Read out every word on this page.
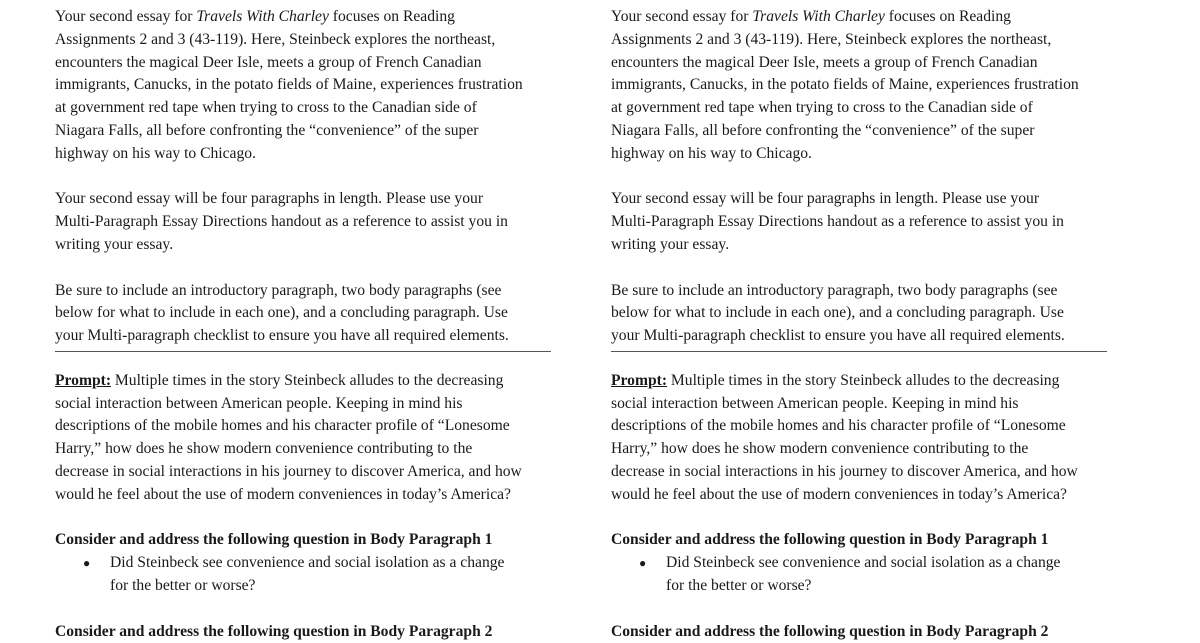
Your second essay for Travels With Charley focuses on Reading
Assignments 2 and 3 (43-119). Here, Steinbeck explores the northeast,
encounters the magical Deer Isle, meets a group of French Canadian
immigrants, Canucks, in the potato fields of Maine, experiences frustration
at government red tape when trying to cross to the Canadian side of
Niagara Falls, all before confronting the “convenience” of the super
highway on his way to Chicago.

Your second essay will be four paragraphs in length. Please use your
Multi-Paragraph Essay Directions handout as a reference to assist you in
writing your essay.

Be sure to include an introductory paragraph, two body paragraphs (see
below for what to include in each one), and a concluding paragraph. Use
your Multi-paragraph checklist to ensure you have all required elements.

Prompt: Multiple times in the story Steinbeck alludes to the decreasing
social interaction between American people. Keeping in mind his
descriptions of the mobile homes and his character profile of “Lonesome
Harry,” how does he show modern convenience contributing to the
decrease in social interactions in his journey to discover America, and how
would he feel about the use of modern conveniences in today’s America?

Consider and address the following question in Body Paragraph 1

● Did Steinbeck see convenience and social isolation as a change
for the better or worse?

Consider and address the following question in Body Paragraph 2

Your second essay for Travels With Charley focuses on Reading
Assignments 2 and 3 (43-119). Here, Steinbeck explores the northeast,
encounters the magical Deer Isle, meets a group of French Canadian
immigrants, Canucks, in the potato fields of Maine, experiences frustration
at government red tape when trying to cross to the Canadian side of
Niagara Falls, all before confronting the “convenience” of the super
highway on his way to Chicago.

Your second essay will be four paragraphs in length. Please use your
Multi-Paragraph Essay Directions handout as a reference to assist you in
writing your essay.

Be sure to include an introductory paragraph, two body paragraphs (see
below for what to include in each one), and a concluding paragraph. Use
your Multi-paragraph checklist to ensure you have all required elements.

Prompt: Multiple times in the story Steinbeck alludes to the decreasing
social interaction between American people. Keeping in mind his
descriptions of the mobile homes and his character profile of “Lonesome
Harry,” how does he show modern convenience contributing to the
decrease in social interactions in his journey to discover America, and how
would he feel about the use of modern conveniences in today’s America?

Consider and address the following question in Body Paragraph 1

● Did Steinbeck see convenience and social isolation as a change
for the better or worse?

Consider and address the following question in Body Paragraph 2
